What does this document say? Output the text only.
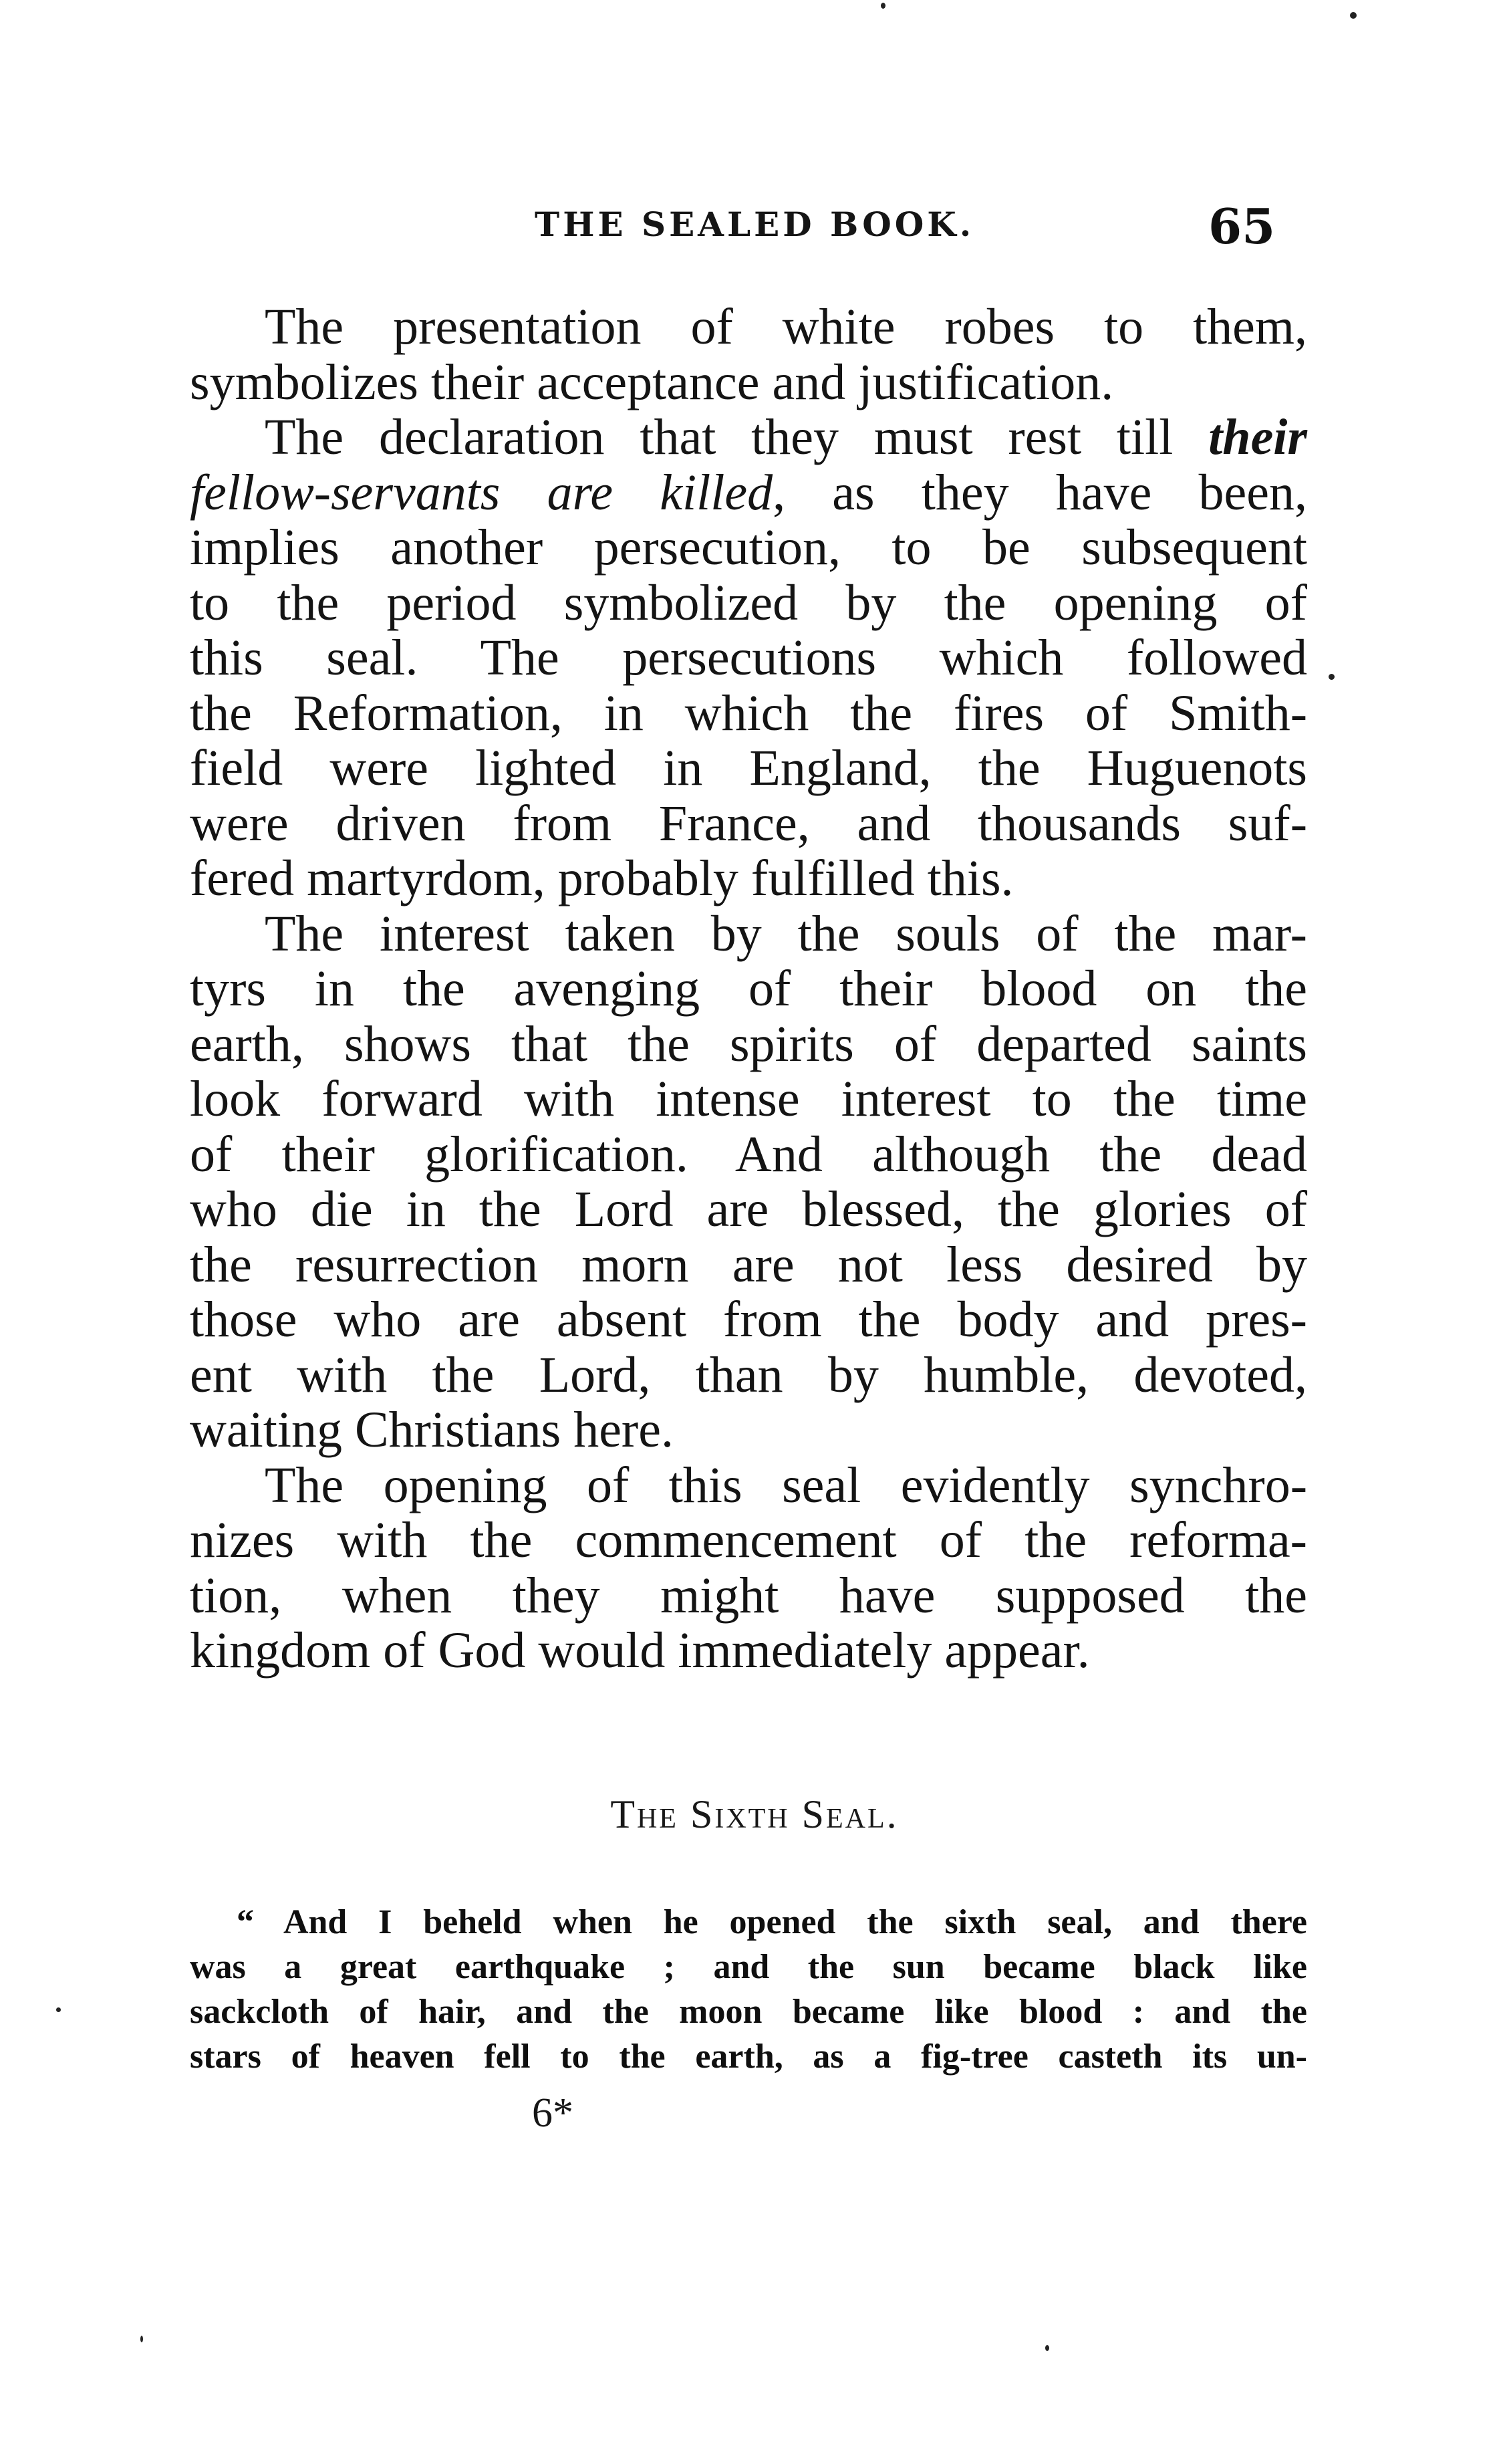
THE SEALED BOOK.	65
The presentation of white robes to them,
symbolizes their acceptance and justification.
The declaration that they must rest till their
fellow-servants are killed, as they have been,
implies another persecution, to be subsequent
to the period symbolized by the opening of
this seal. The persecutions which followed
the Reformation, in which the fires of Smith-
field were lighted in England, the Huguenots
were driven from France, and thousands suf-
fered martyrdom, probably fulfilled this.
The interest taken by the souls of the mar-
tyrs in the avenging of their blood on the
earth, shows that the spirits of departed saints
look forward with intense interest to the time
of their glorification. And although the dead
who die in the Lord are blessed, the glories of
the resurrection morn are not less desired by
those who are absent from the body and pres-
ent with the Lord, than by humble, devoted,
waiting Christians here.
The opening of this seal evidently synchro-
nizes with the commencement of the reforma-
tion, when they might have supposed the
kingdom of God would immediately appear.
The Sixth Seal.
“ And I beheld when he opened the sixth seal, and there
was a great earthquake ; and the sun became black like
sackcloth of hair, and the moon became like blood : and the
stars of heaven fell to the earth, as a fig-tree casteth its un-
6*
